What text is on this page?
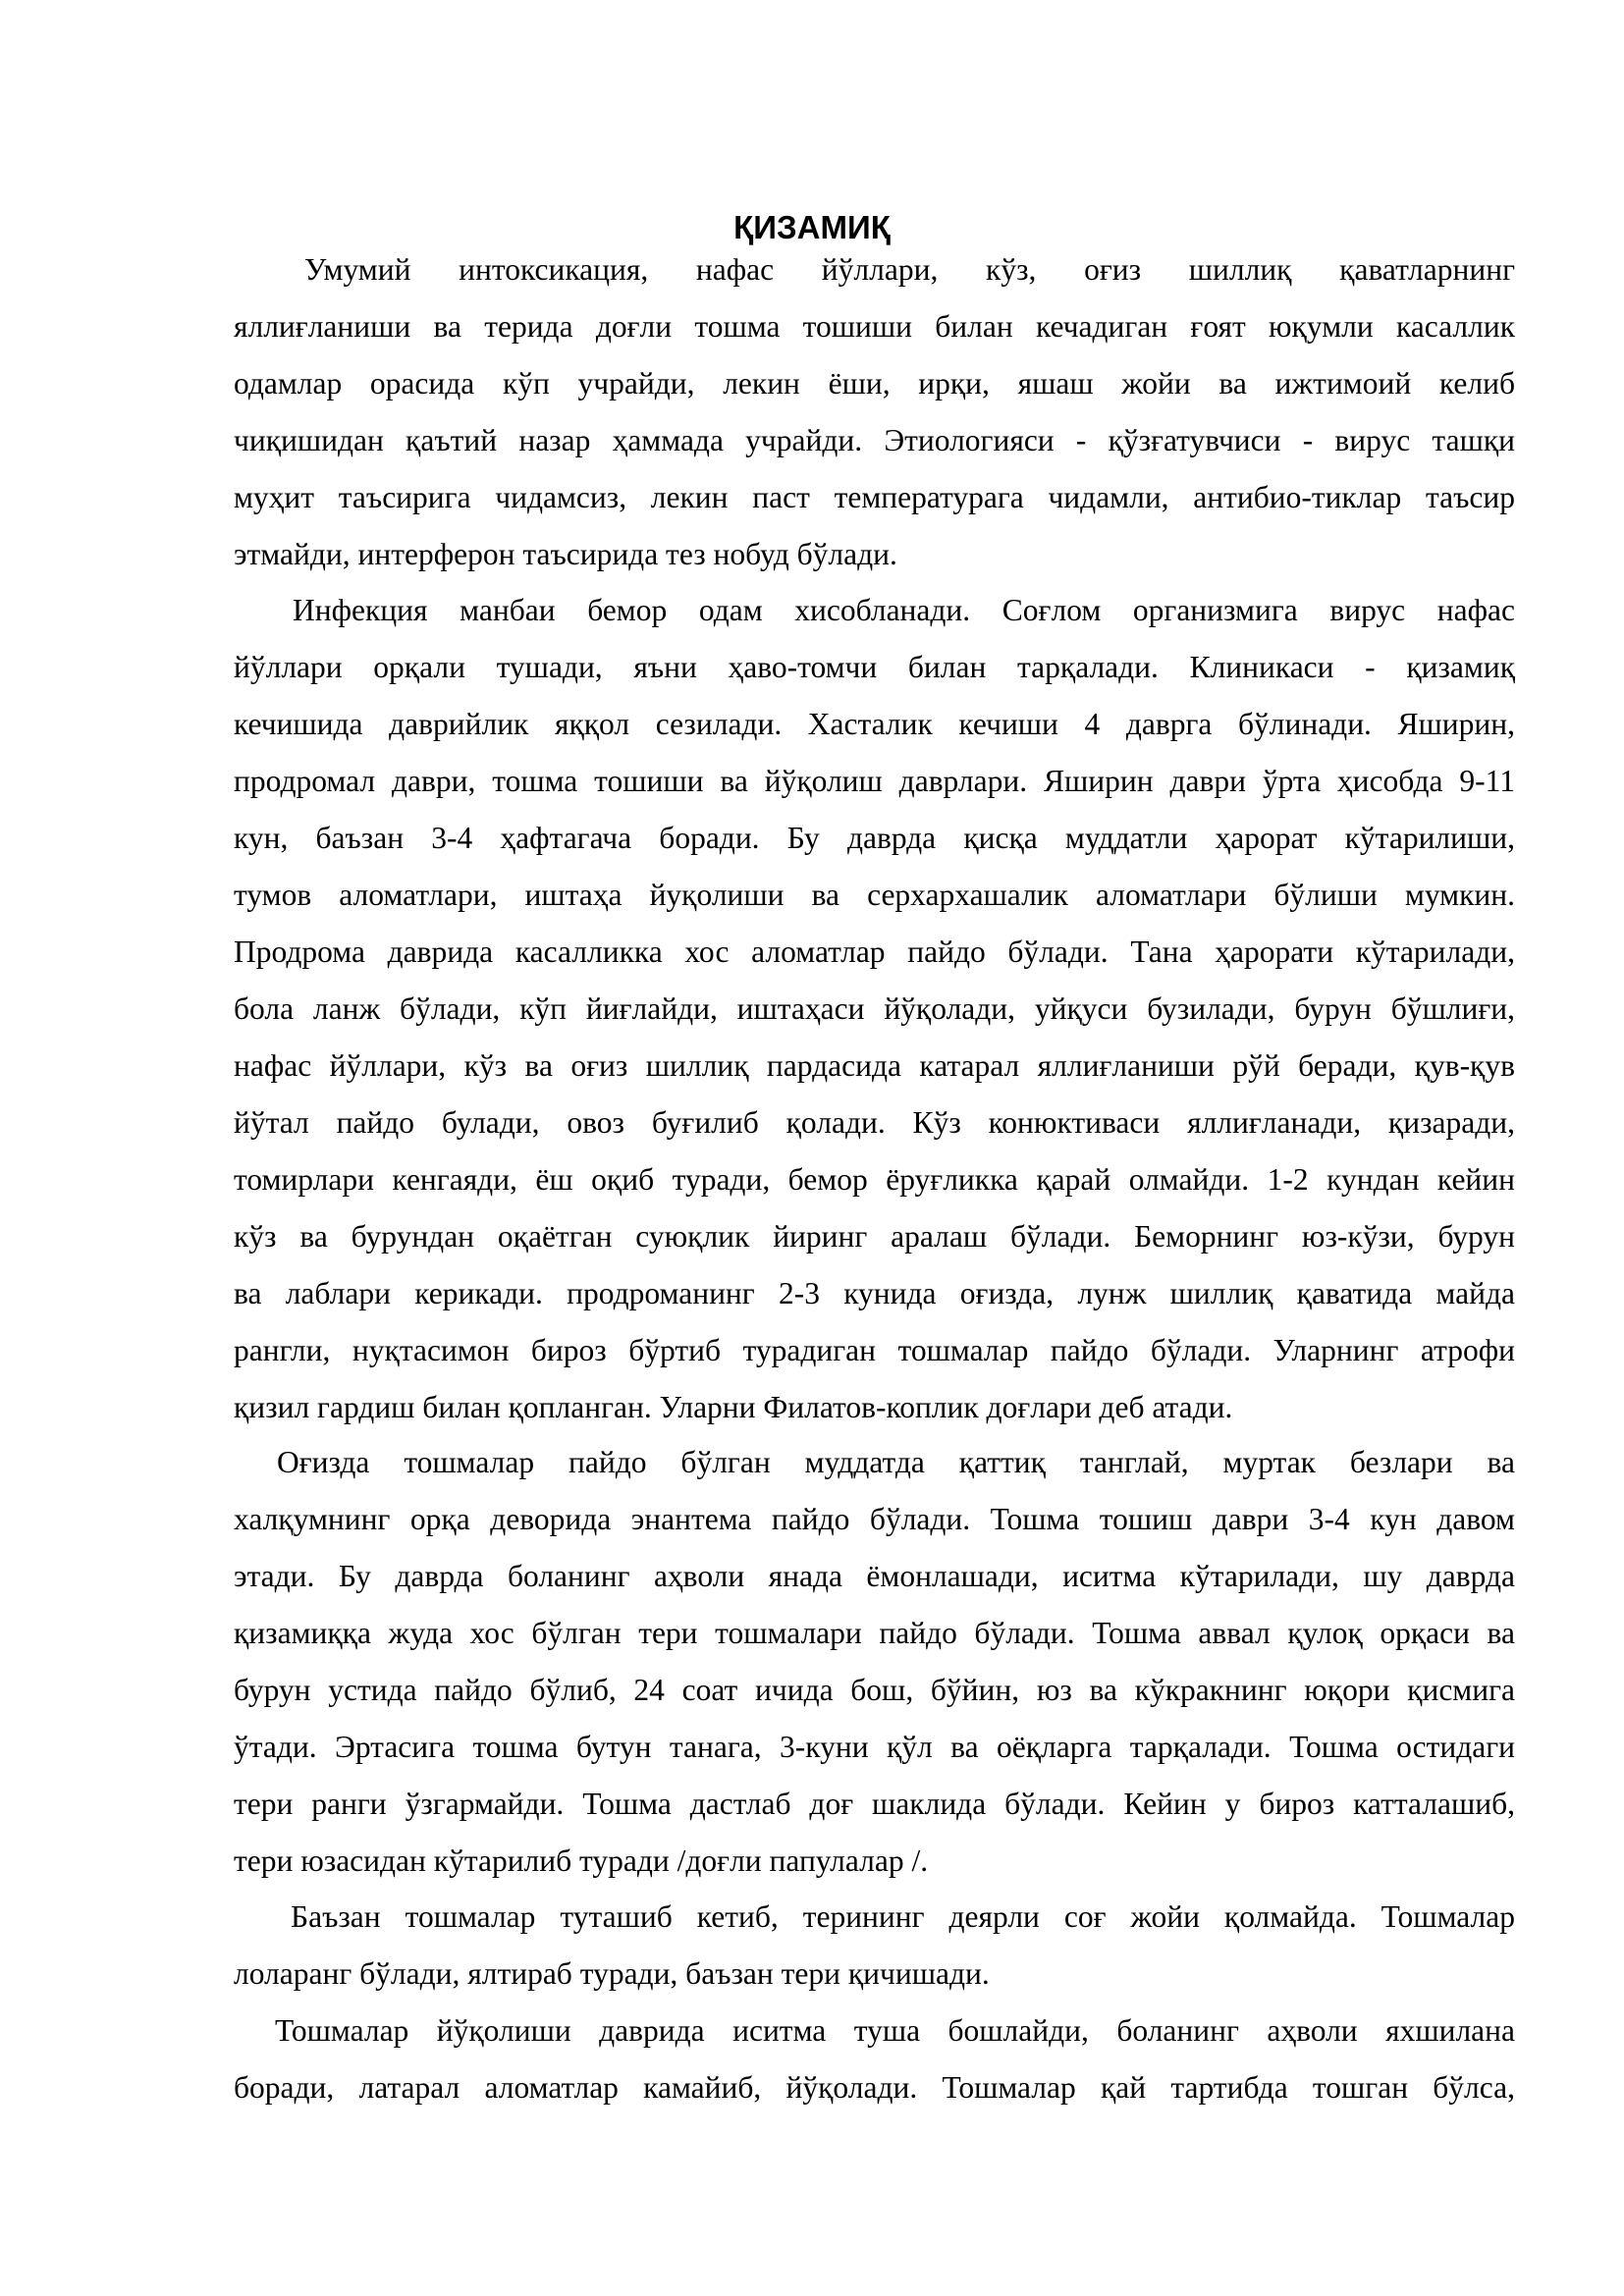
ҚИЗАМИҚ
Умумий интоксикация, нафас йўллари, кўз, оғиз шиллиқ қаватларнинг
яллиғланиши ва терида доғли тошма тошиши билан кечадиган ғоят юқумли касаллик
одамлар орасида кўп учрайди, лекин ёши, ирқи, яшаш жойи ва ижтимоий келиб
чиқишидан қаътий назар ҳаммада учрайди. Этиологияси - қўзғатувчиси - вирус ташқи
муҳит таъсирига чидамсиз, лекин паст температурага чидамли, антибио-тиклар таъсир
этмайди, интерферон таъсирида тез нобуд бўлади.
Инфекция манбаи бемор одам хисобланади. Соғлом организмига вирус нафас
йўллари орқали тушади, яъни ҳаво-томчи билан тарқалади. Клиникаси - қизамиқ
кечишида даврийлик яққол сезилади. Хасталик кечиши 4 даврга бўлинади. Яширин,
продромал даври, тошма тошиши ва йўқолиш даврлари. Яширин даври ўрта ҳисобда 9-11
кун, баъзан 3-4 ҳафтагача боради. Бу даврда қисқа муддатли ҳарорат кўтарилиши,
тумов аломатлари, иштаҳа йуқолиши ва серхархашалик аломатлари бўлиши мумкин.
Продрома даврида касалликка хос аломатлар пайдо бўлади. Тана ҳарорати кўтарилади,
бола ланж бўлади, кўп йиғлайди, иштаҳаси йўқолади, уйқуси бузилади, бурун бўшлиғи,
нафас йўллари, кўз ва оғиз шиллиқ пардасида катарал яллиғланиши рўй беради, қув-қув
йўтал пайдо булади, овоз буғилиб қолади. Кўз конюктиваси яллиғланади, қизаради,
томирлари кенгаяди, ёш оқиб туради, бемор ёруғликка қарай олмайди. 1-2 кундан кейин
кўз ва бурундан оқаётган суюқлик йиринг аралаш бўлади. Беморнинг юз-кўзи, бурун
ва лаблари керикади. продроманинг 2-3 кунида оғизда, лунж шиллиқ қаватида майда
рангли, нуқтасимон бироз бўртиб турадиган тошмалар пайдо бўлади. Уларнинг атрофи
қизил гардиш билан қопланган. Уларни Филатов-коплик доғлари деб атади.
Оғизда тошмалар пайдо бўлган муддатда қаттиқ танглай, муртак безлари ва
халқумнинг орқа деворида энантема пайдо бўлади. Тошма тошиш даври 3-4 кун давом
этади. Бу даврда боланинг аҳволи янада ёмонлашади, иситма кўтарилади, шу даврда
қизамиққа жуда хос бўлган тери тошмалари пайдо бўлади. Тошма аввал қулоқ орқаси ва
бурун устида пайдо бўлиб, 24 соат ичида бош, бўйин, юз ва кўкракнинг юқори қисмига
ўтади. Эртасига тошма бутун танага, 3-куни қўл ва оёқларга тарқалади. Тошма остидаги
тери ранги ўзгармайди. Тошма дастлаб доғ шаклида бўлади. Кейин у бироз катталашиб,
тери юзасидан кўтарилиб туради /доғли папулалар /.
Баъзан тошмалар туташиб кетиб, терининг деярли соғ жойи қолмайда. Тошмалар
лоларанг бўлади, ялтираб туради, баъзан тери қичишади.
Тошмалар йўқолиши даврида иситма туша бошлайди, боланинг аҳволи яхшилана
боради, латарал аломатлар камайиб, йўқолади. Тошмалар қай тартибда тошган бўлса,
